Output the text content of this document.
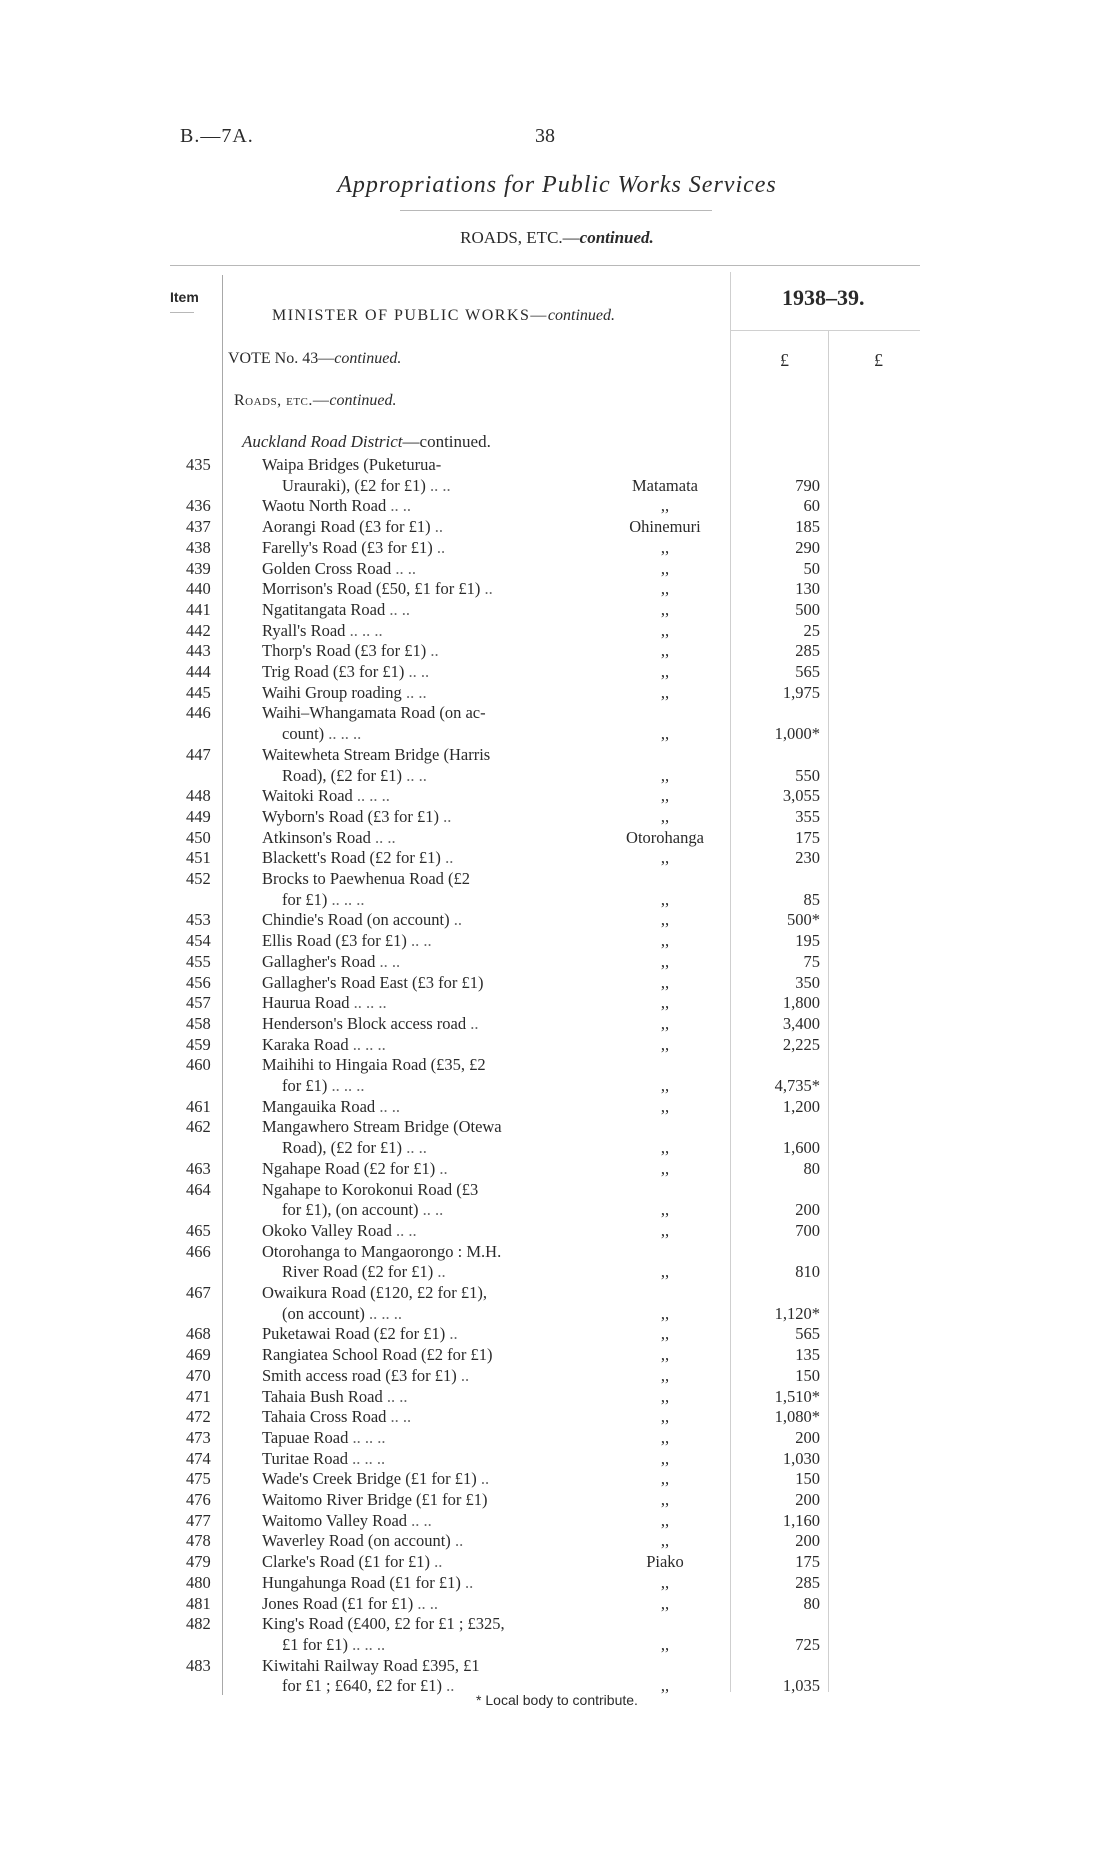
B.—7A.	38
Appropriations for Public Works Services
ROADS, ETC.—continued.
Item	1938–39.
MINISTER OF PUBLIC WORKS—continued.
VOTE No. 43—continued.	£	£
Roads, etc.—continued.
Auckland Road District—continued.
435	Waipa Bridges (Puketurua-
Urauraki), (£2 for £1) .. ..	Matamata	790
436	Waotu North Road .. ..	,,	60
437	Aorangi Road (£3 for £1) ..	Ohinemuri	185
438	Farelly's Road (£3 for £1) ..	,,	290
439	Golden Cross Road .. ..	,,	50
440	Morrison's Road (£50, £1 for £1) ..	,,	130
441	Ngatitangata Road .. ..	,,	500
442	Ryall's Road .. .. ..	,,	25
443	Thorp's Road (£3 for £1) ..	,,	285
444	Trig Road (£3 for £1) .. ..	,,	565
445	Waihi Group roading .. ..	,,	1,975
446	Waihi–Whangamata Road (on ac-
count) .. .. ..	,,	1,000*
447	Waitewheta Stream Bridge (Harris
Road), (£2 for £1) .. ..	,,	550
448	Waitoki Road .. .. ..	,,	3,055
449	Wyborn's Road (£3 for £1) ..	,,	355
450	Atkinson's Road .. ..	Otorohanga	175
451	Blackett's Road (£2 for £1) ..	,,	230
452	Brocks to Paewhenua Road (£2
for £1) .. .. ..	,,	85
453	Chindie's Road (on account) ..	,,	500*
454	Ellis Road (£3 for £1) .. ..	,,	195
455	Gallagher's Road .. ..	,,	75
456	Gallagher's Road East (£3 for £1)	,,	350
457	Haurua Road .. .. ..	,,	1,800
458	Henderson's Block access road ..	,,	3,400
459	Karaka Road .. .. ..	,,	2,225
460	Maihihi to Hingaia Road (£35, £2
for £1) .. .. ..	,,	4,735*
461	Mangauika Road .. ..	,,	1,200
462	Mangawhero Stream Bridge (Otewa
Road), (£2 for £1) .. ..	,,	1,600
463	Ngahape Road (£2 for £1) ..	,,	80
464	Ngahape to Korokonui Road (£3
for £1), (on account) .. ..	,,	200
465	Okoko Valley Road .. ..	,,	700
466	Otorohanga to Mangaorongo : M.H.
River Road (£2 for £1) ..	,,	810
467	Owaikura Road (£120, £2 for £1),
(on account) .. .. ..	,,	1,120*
468	Puketawai Road (£2 for £1) ..	,,	565
469	Rangiatea School Road (£2 for £1)	,,	135
470	Smith access road (£3 for £1) ..	,,	150
471	Tahaia Bush Road .. ..	,,	1,510*
472	Tahaia Cross Road .. ..	,,	1,080*
473	Tapuae Road .. .. ..	,,	200
474	Turitae Road .. .. ..	,,	1,030
475	Wade's Creek Bridge (£1 for £1) ..	,,	150
476	Waitomo River Bridge (£1 for £1)	,,	200
477	Waitomo Valley Road .. ..	,,	1,160
478	Waverley Road (on account) ..	,,	200
479	Clarke's Road (£1 for £1) ..	Piako	175
480	Hungahunga Road (£1 for £1) ..	,,	285
481	Jones Road (£1 for £1) .. ..	,,	80
482	King's Road (£400, £2 for £1 ; £325,
£1 for £1) .. .. ..	,,	725
483	Kiwitahi Railway Road £395, £1
for £1 ; £640, £2 for £1) ..	,,	1,035
* Local body to contribute.
